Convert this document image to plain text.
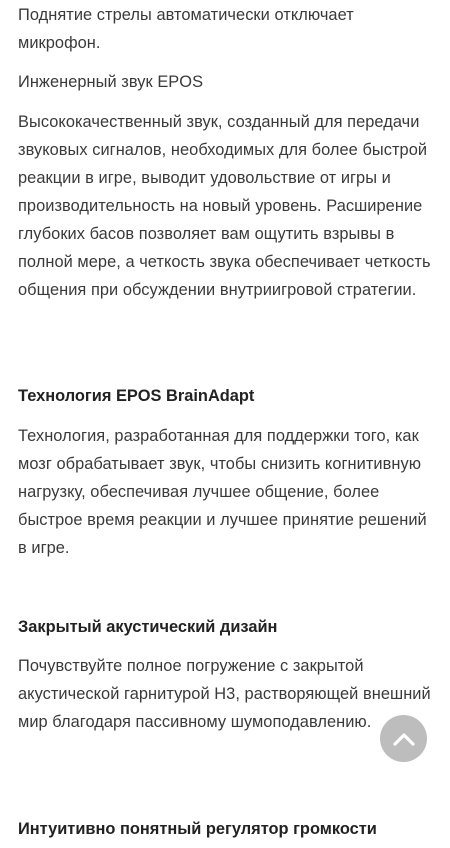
Поднятие стрелы автоматически отключает микрофон.

Инженерный звук EPOS

Высококачественный звук, созданный для передачи звуковых сигналов, необходимых для более быстрой реакции в игре, выводит удовольствие от игры и производительность на новый уровень. Расширение глубоких басов позволяет вам ощутить взрывы в полной мере, а четкость звука обеспечивает четкость общения при обсуждении внутриигровой стратегии.

Технология EPOS BrainAdapt

Технология, разработанная для поддержки того, как мозг обрабатывает звук, чтобы снизить когнитивную нагрузку, обеспечивая лучшее общение, более быстрое время реакции и лучшее принятие решений в игре.

Закрытый акустический дизайн

Почувствуйте полное погружение с закрытой акустической гарнитурой H3, растворяющей внешний мир благодаря пассивному шумоподавлению.

Интуитивно понятный регулятор громкости
